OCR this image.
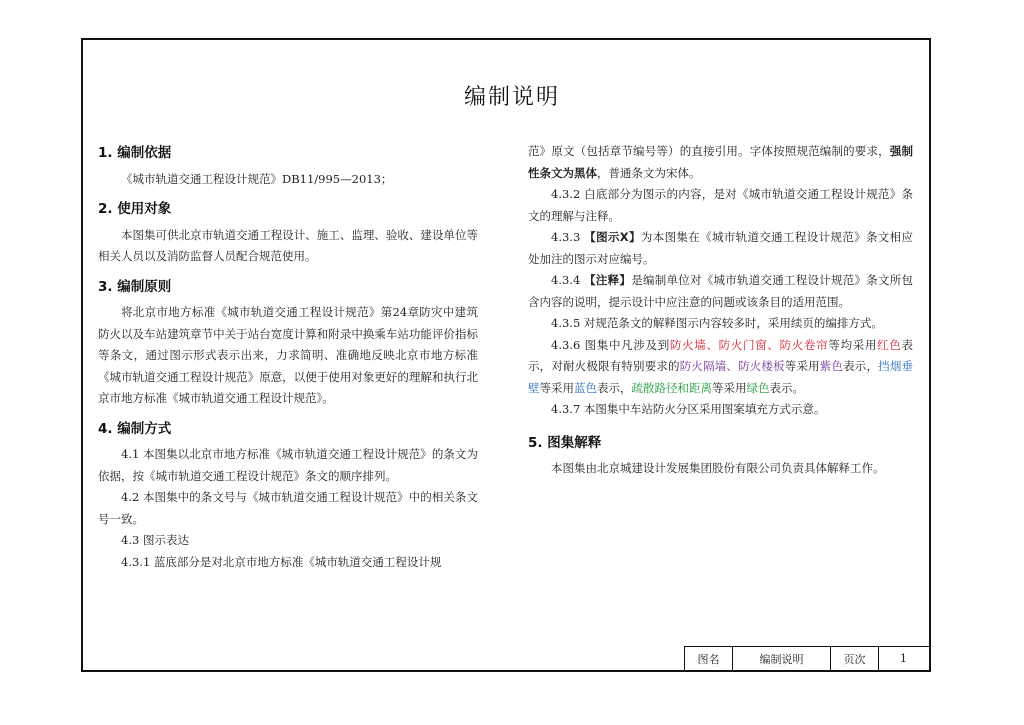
编制说明
1. 编制依据

《城市轨道交通工程设计规范》DB11/995—2013；

2. 使用对象

本图集可供北京市轨道交通工程设计、施工、监理、验收、建设单位等相关人员以及消防监督人员配合规范使用。

3. 编制原则

将北京市地方标准《城市轨道交通工程设计规范》第24章防灾中建筑防火以及车站建筑章节中关于站台宽度计算和附录中换乘车站功能评价指标等条文，通过图示形式表示出来，力求简明、准确地反映北京市地方标准《城市轨道交通工程设计规范》原意，以便于使用对象更好的理解和执行北京市地方标准《城市轨道交通工程设计规范》。

4. 编制方式

4.1 本图集以北京市地方标准《城市轨道交通工程设计规范》的条文为依据，按《城市轨道交通工程设计规范》条文的顺序排列。

4.2 本图集中的条文号与《城市轨道交通工程设计规范》中的相关条文号一致。

4.3 图示表达

4.3.1 蓝底部分是对北京市地方标准《城市轨道交通工程设计规

范》原文（包括章节编号等）的直接引用。字体按照规范编制的要求，强制性条文为黑体，普通条文为宋体。

4.3.2 白底部分为图示的内容，是对《城市轨道交通工程设计规范》条文的理解与注释。

4.3.3 【图示X】为本图集在《城市轨道交通工程设计规范》条文相应处加注的图示对应编号。

4.3.4 【注释】是编制单位对《城市轨道交通工程设计规范》条文所包含内容的说明，提示设计中应注意的问题或该条目的适用范围。

4.3.5 对规范条文的解释图示内容较多时，采用续页的编排方式。

4.3.6 图集中凡涉及到防火墙、防火门窗、防火卷帘等均采用红色表示，对耐火极限有特别要求的防火隔墙、防火楼板等采用紫色表示，挡烟垂壁等采用蓝色表示，疏散路径和距离等采用绿色表示。

4.3.7 本图集中车站防火分区采用图案填充方式示意。

5. 图集解释

本图集由北京城建设计发展集团股份有限公司负责具体解释工作。

图名	编制说明	页次	1
